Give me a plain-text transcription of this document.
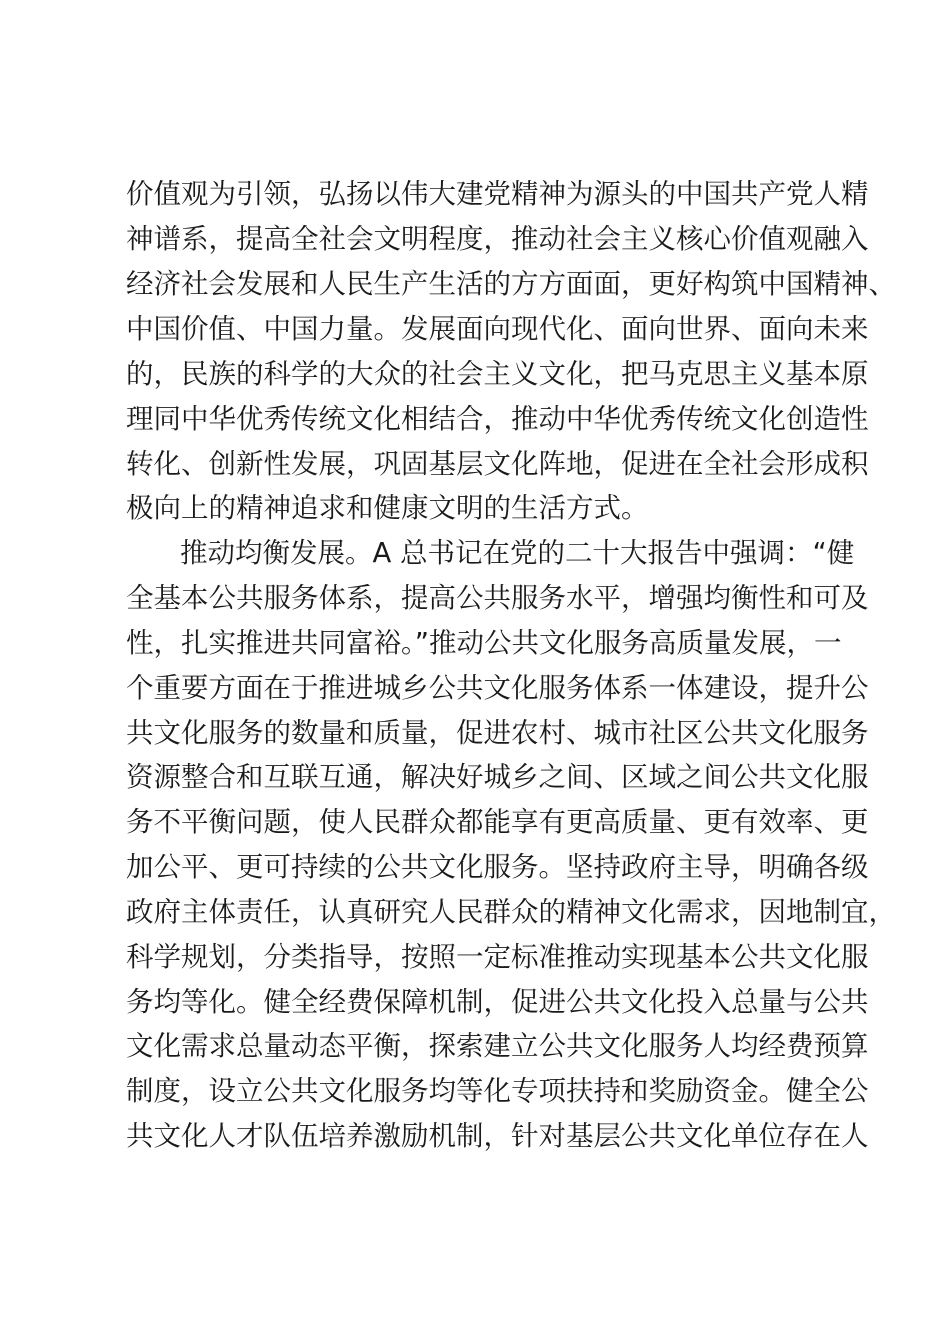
价值观为引领，弘扬以伟大建党精神为源头的中国共产党人精
神谱系，提高全社会文明程度，推动社会主义核心价值观融入
经济社会发展和人民生产生活的方方面面，更好构筑中国精神、
中国价值、中国力量。发展面向现代化、面向世界、面向未来
的，民族的科学的大众的社会主义文化，把马克思主义基本原
理同中华优秀传统文化相结合，推动中华优秀传统文化创造性
转化、创新性发展，巩固基层文化阵地，促进在全社会形成积
极向上的精神追求和健康文明的生活方式。
推动均衡发展。A 总书记在党的二十大报告中强调：“健
全基本公共服务体系，提高公共服务水平，增强均衡性和可及
性，扎实推进共同富裕。”推动公共文化服务高质量发展，一
个重要方面在于推进城乡公共文化服务体系一体建设，提升公
共文化服务的数量和质量，促进农村、城市社区公共文化服务
资源整合和互联互通，解决好城乡之间、区域之间公共文化服
务不平衡问题，使人民群众都能享有更高质量、更有效率、更
加公平、更可持续的公共文化服务。坚持政府主导，明确各级
政府主体责任，认真研究人民群众的精神文化需求，因地制宜，
科学规划，分类指导，按照一定标准推动实现基本公共文化服
务均等化。健全经费保障机制，促进公共文化投入总量与公共
文化需求总量动态平衡，探索建立公共文化服务人均经费预算
制度，设立公共文化服务均等化专项扶持和奖励资金。健全公
共文化人才队伍培养激励机制，针对基层公共文化单位存在人
